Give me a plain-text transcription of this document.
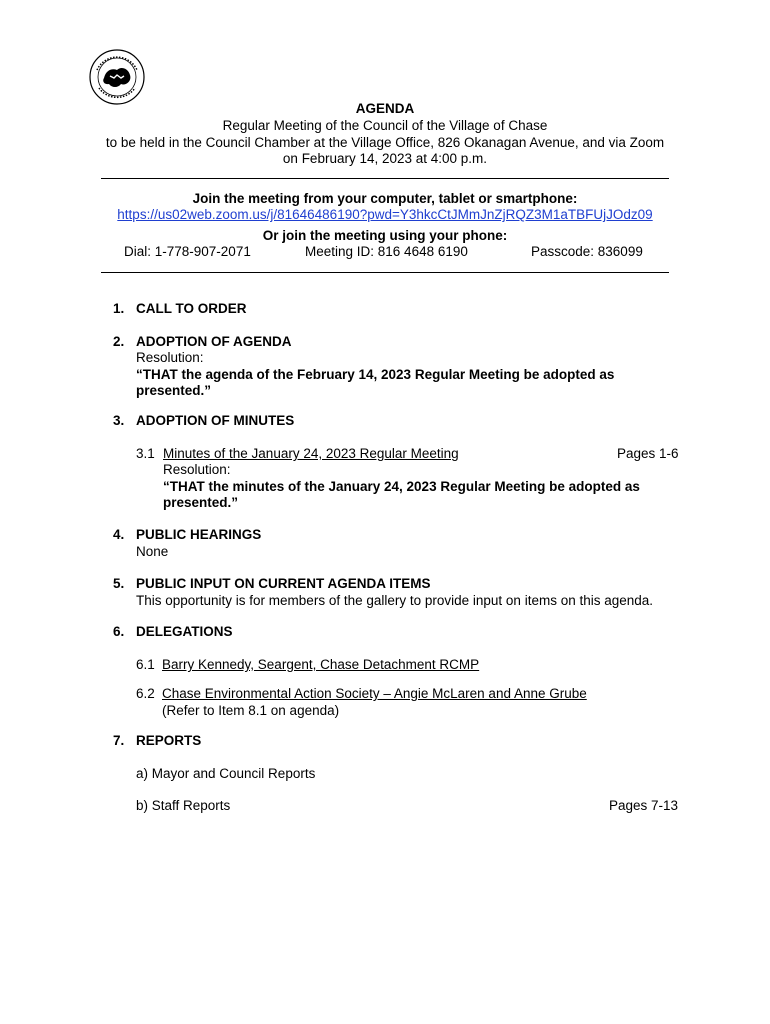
AGENDA
Regular Meeting of the Council of the Village of Chase
to be held in the Council Chamber at the Village Office, 826 Okanagan Avenue, and via Zoom
on February 14, 2023 at 4:00 p.m.
Join the meeting from your computer, tablet or smartphone:
https://us02web.zoom.us/j/81646486190?pwd=Y3hkcCtJMmJnZjRQZ3M1aTBFUjJOdz09
Or join the meeting using your phone:
Dial: 1-778-907-2071	Meeting ID: 816 4648 6190	Passcode: 836099
1. CALL TO ORDER
2. ADOPTION OF AGENDA
Resolution:
“THAT the agenda of the February 14, 2023 Regular Meeting be adopted as
presented.”
3. ADOPTION OF MINUTES
3.1 Minutes of the January 24, 2023 Regular Meeting	Pages 1-6
Resolution:
“THAT the minutes of the January 24, 2023 Regular Meeting be adopted as
presented.”
4. PUBLIC HEARINGS
None
5. PUBLIC INPUT ON CURRENT AGENDA ITEMS
This opportunity is for members of the gallery to provide input on items on this agenda.
6. DELEGATIONS
6.1 Barry Kennedy, Seargent, Chase Detachment RCMP
6.2 Chase Environmental Action Society – Angie McLaren and Anne Grube
(Refer to Item 8.1 on agenda)
7. REPORTS
a) Mayor and Council Reports
b) Staff Reports	Pages 7-13
